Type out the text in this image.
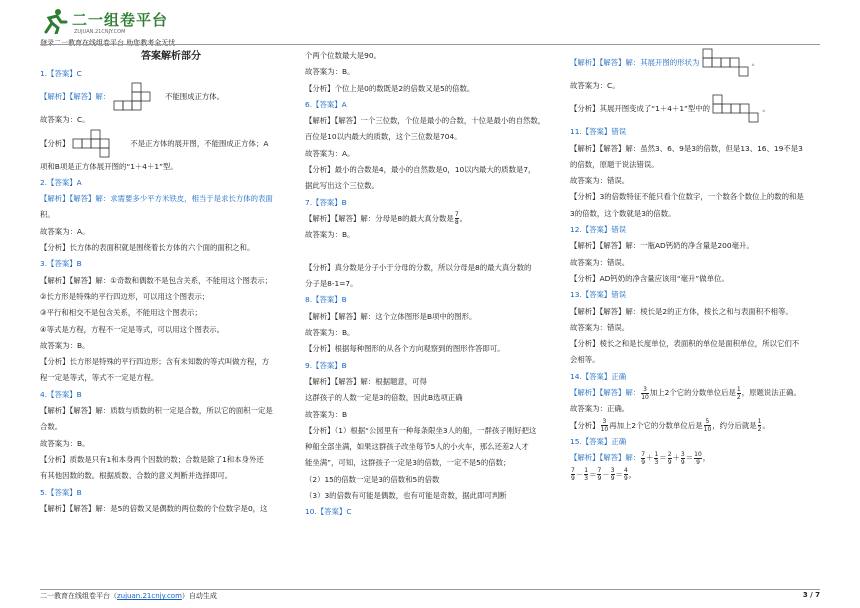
二一组卷平台
ZUJUAN.21CNJY.COM
登录二一教育在线组卷平台 助您教考全无忧
答案解析部分
1.【答案】C
【解析】【解答】解：	不能围成正方体。
故答案为：C。
【分析】	不是正方体的展开图，不能围成正方体；A
项和B项是正方体展开图的“1＋4＋1”型。
2.【答案】A
【解析】【解答】解：求需要多少平方米铁皮，相当于是求长方体的表面
积。
故答案为：A。
【分析】长方体的表面积就是围绕着长方体的六个面的面积之和。
3.【答案】B
【解析】【解答】解：①奇数和偶数不是包含关系，不能用这个图表示；
②长方形是特殊的平行四边形，可以用这个图表示；
③平行和相交不是包含关系，不能用这个图表示；
④等式是方程，方程不一定是等式，可以用这个图表示。
故答案为：B。
【分析】长方形是特殊的平行四边形；含有未知数的等式叫做方程，方
程一定是等式，等式不一定是方程。
4.【答案】B
【解析】【解答】解：质数与质数的积一定是合数，所以它的面积一定是
合数。
故答案为：B。
【分析】质数是只有1和本身两个因数的数；合数是除了1和本身外还
有其他因数的数。根据质数、合数的意义判断并选择即可。
5.【答案】B
【解析】【解答】解：是5的倍数又是偶数的两位数的个位数字是0，这
个两个位数最大是90。
故答案为：B。
【分析】个位上是0的数既是2的倍数又是5的倍数。
6.【答案】A
【解析】【解答】一个三位数，个位是最小的合数，十位是最小的自然数，
百位是10以内最大的质数，这个三位数是704。
故答案为：A。
【分析】最小的合数是4，最小的自然数是0，10以内最大的质数是7，
据此写出这个三位数。
7.【答案】B
【解析】【解答】解：分母是8的最大真分数是 $\frac{7}{8}$ 。
故答案为：B。
【分析】真分数是分子小于分母的分数，所以分母是8的最大真分数的
分子是8-1=7。
8.【答案】B
【解析】【解答】解：这个立体图形是B项中的图形。
故答案为：B。
【分析】根据每种图形的从各个方向观察到的图形作答即可。
9.【答案】B
【解析】【解答】解：根据题意，可得
这群孩子的人数一定是3的倍数，因此B选项正确
故答案为：B
【分析】（1）根据“公园里有一种每条限坐3人的船，一群孩子刚好把这
种船全部坐满，如果这群孩子改坐每节5人的小火车，那么还差2人才
能坐满”，可知，这群孩子一定是3的倍数，一定不是5的倍数；
（2）15的倍数一定是3的倍数和5的倍数
（3）3的倍数有可能是偶数，也有可能是奇数，据此即可判断
10.【答案】C
【解析】【解答】解：其展开图的形状为	。
故答案为：C。
【分析】其展开图变成了“1＋4＋1”型中的	。
11.【答案】错误
【解析】【解答】解：虽然3、6、9是3的倍数，但是13、16、19不是3
的倍数，原题干说法错误。
故答案为：错误。
【分析】3的倍数特征不能只看个位数字，一个数各个数位上的数的和是
3的倍数，这个数就是3的倍数。
12.【答案】错误
【解析】【解答】解：一瓶AD钙奶的净含量是200毫升。
故答案为：错误。
【分析】AD钙奶的净含量应该用“毫升”做单位。
13.【答案】错误
【解析】【解答】解：棱长是2的正方体，棱长之和与表面积不相等。
故答案为：错误。
【分析】棱长之和是长度单位，表面积的单位是面积单位，所以它们不
会相等。
14.【答案】正确
【解析】【解答】解： $\frac{3}{10}$ 加上2个它的分数单位后是 $\frac{1}{2}$ ，原题说法正确。
故答案为：正确。
【分析】 $\frac{3}{10}$ 再加上2个它的分数单位后是 $\frac{5}{10}$ ，约分后就是 $\frac{1}{2}$ 。
15.【答案】正确
【解析】【解答】解： $\frac{7}{9} + \frac{1}{3} = \frac{2}{9} + \frac{3}{9} = \frac{10}{9}$ ，
$\frac{7}{9} - \frac{1}{3} = \frac{7}{9} - \frac{3}{9} = \frac{4}{9}$ ，
二一教育在线组卷平台（zujuan.21cnjy.com）自动生成	3 / 7
